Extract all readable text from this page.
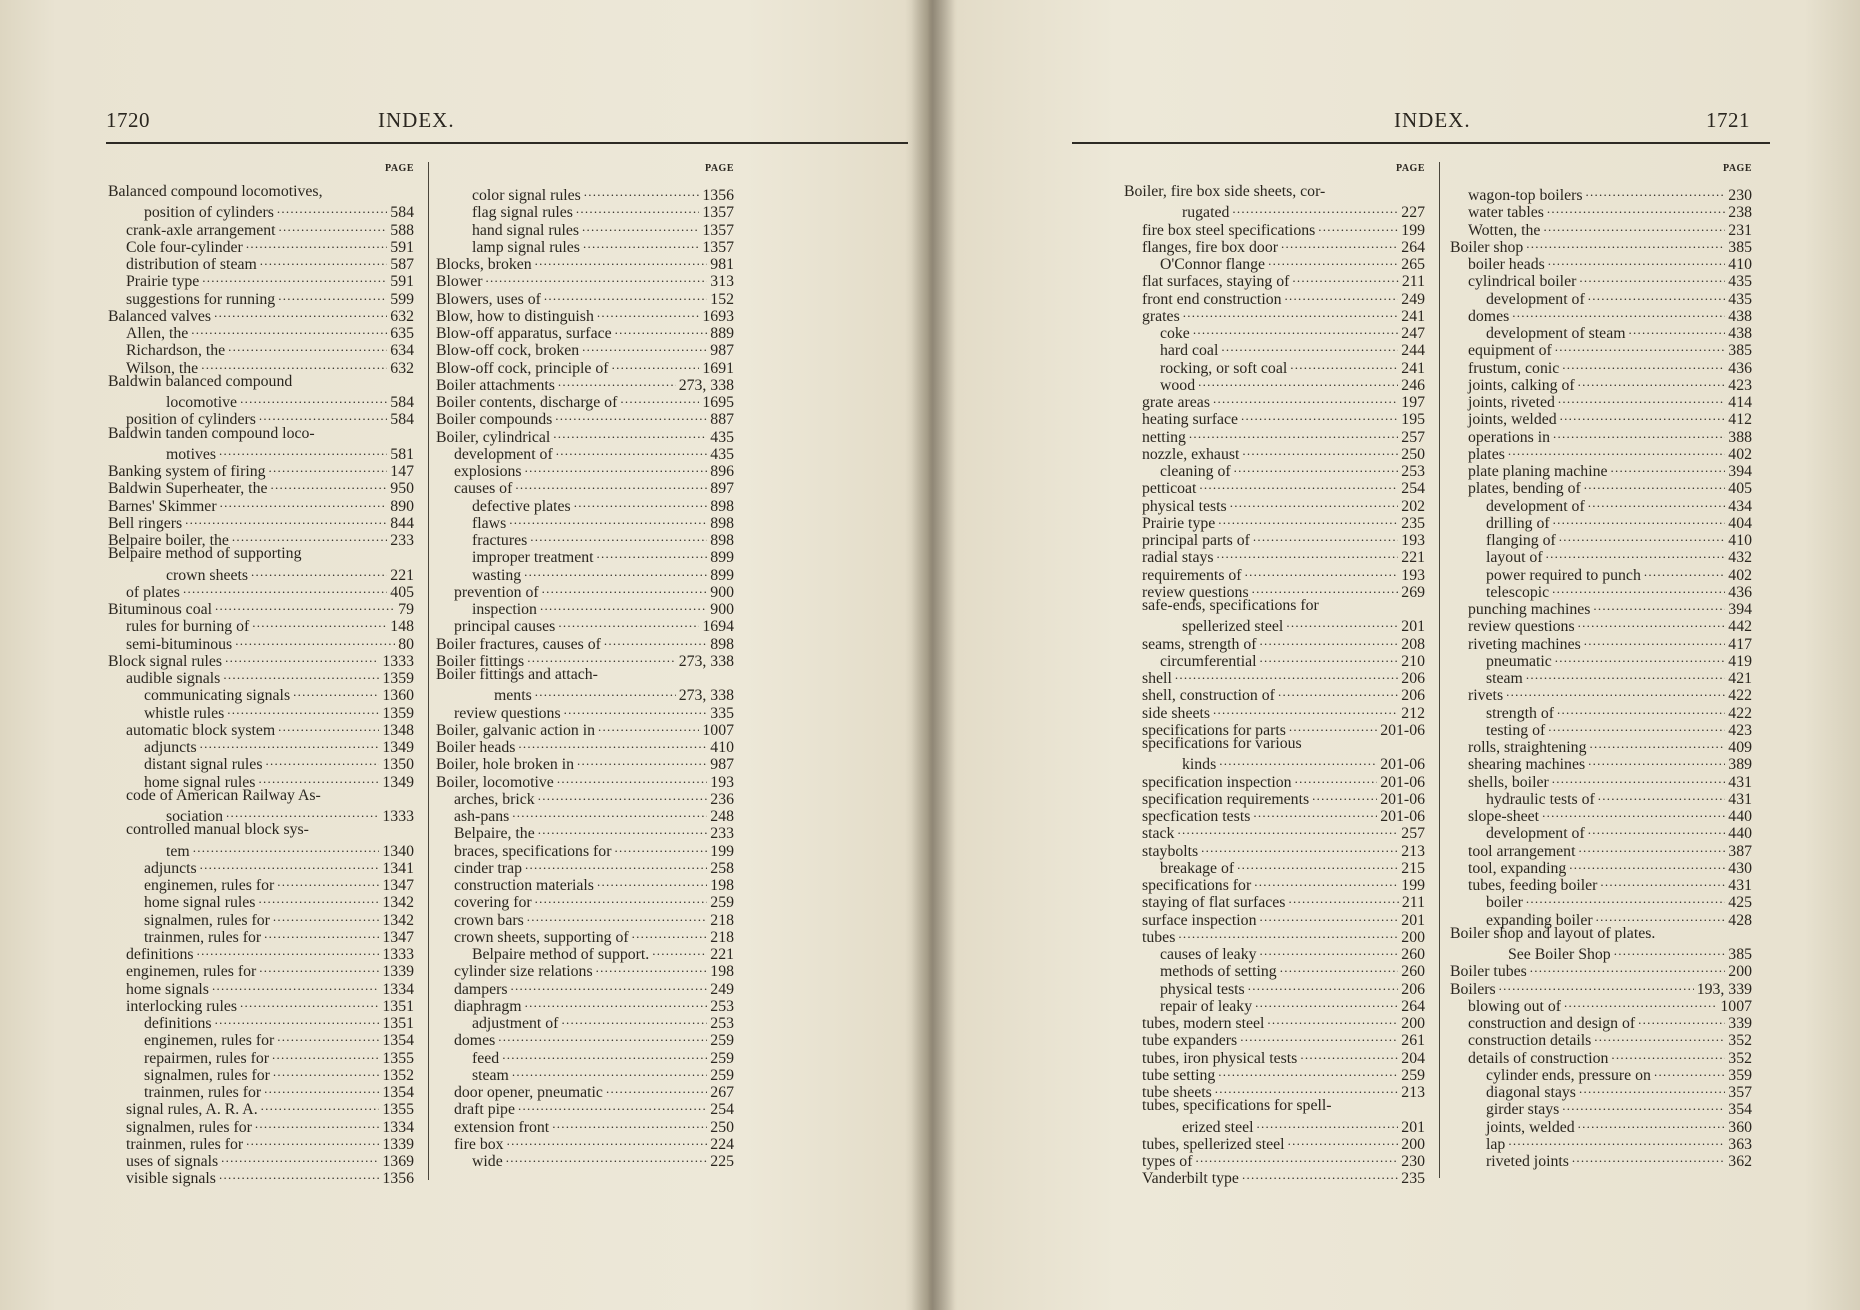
1720	INDEX.
PAGE
Balanced compound locomotives,
position of cylinders . . .	584
crank-axle arrangement . . .	588
Cole four-cylinder . . .	591
distribution of steam . . .	587
Prairie type . . .	591
suggestions for running . . .	599
Balanced valves . . .	632
Allen, the . . .	635
Richardson, the . . .	634
Wilson, the . . .	632
Baldwin balanced compound
locomotive . . .	584
position of cylinders . . .	584
Baldwin tanden compound loco-
motives . . .	581
Banking system of firing . . .	147
Baldwin Superheater, the . . .	950
Barnes' Skimmer . . .	890
Bell ringers . . .	844
Belpaire boiler, the . . .	233
Belpaire method of supporting
crown sheets . . .	221
of plates . . .	405
Bituminous coal . . .	79
rules for burning of . . .	148
semi-bituminous . . .	80
Block signal rules . . .	1333
audible signals . . .	1359
communicating signals . . .	1360
whistle rules . . .	1359
automatic block system . . .	1348
adjuncts . . .	1349
distant signal rules . . .	1350
home signal rules . . .	1349
code of American Railway As-
sociation . . .	1333
controlled manual block sys-
tem . . .	1340
adjuncts . . .	1341
enginemen, rules for . . .	1347
home signal rules . . .	1342
signalmen, rules for . . .	1342
trainmen, rules for . . .	1347
definitions . . .	1333
enginemen, rules for . . .	1339
home signals . . .	1334
interlocking rules . . .	1351
definitions . . .	1351
enginemen, rules for . . .	1354
repairmen, rules for . . .	1355
signalmen, rules for . . .	1352
trainmen, rules for . . .	1354
signal rules, A. R. A. . . .	1355
signalmen, rules for . . .	1334
trainmen, rules for . . .	1339
uses of signals . . .	1369
visible signals . . .	1356
PAGE
color signal rules . . .	1356
flag signal rules . . .	1357
hand signal rules . . .	1357
lamp signal rules . . .	1357
Blocks, broken . . .	981
Blower . . .	313
Blowers, uses of . . .	152
Blow, how to distinguish . . .	1693
Blow-off apparatus, surface . . .	889
Blow-off cock, broken . . .	987
Blow-off cock, principle of . . .	1691
Boiler attachments . . .	273, 338
Boiler contents, discharge of . . .	1695
Boiler compounds . . .	887
Boiler, cylindrical . . .	435
development of . . .	435
explosions . . .	896
causes of . . .	897
defective plates . . .	898
flaws . . .	898
fractures . . .	898
improper treatment . . .	899
wasting . . .	899
prevention of . . .	900
inspection . . .	900
principal causes . . .	1694
Boiler fractures, causes of . . .	898
Boiler fittings . . .	273, 338
Boiler fittings and attach-
ments . . .	273, 338
review questions . . .	335
Boiler, galvanic action in . . .	1007
Boiler heads . . .	410
Boiler, hole broken in . . .	987
Boiler, locomotive . . .	193
arches, brick . . .	236
ash-pans . . .	248
Belpaire, the . . .	233
braces, specifications for . . .	199
cinder trap . . .	258
construction materials . . .	198
covering for . . .	259
crown bars . . .	218
crown sheets, supporting of . . .	218
Belpaire method of support. . . .	221
cylinder size relations . . .	198
dampers . . .	249
diaphragm . . .	253
adjustment of . . .	253
domes . . .	259
feed . . .	259
steam . . .	259
door opener, pneumatic . . .	267
draft pipe . . .	254
extension front . . .	250
fire box . . .	224
wide . . .	225
INDEX.	1721
PAGE
Boiler, fire box side sheets, cor-
rugated . . .	227
fire box steel specifications . . .	199
flanges, fire box door . . .	264
O'Connor flange . . .	265
flat surfaces, staying of . . .	211
front end construction . . .	249
grates . . .	241
coke . . .	247
hard coal . . .	244
rocking, or soft coal . . .	241
wood . . .	246
grate areas . . .	197
heating surface . . .	195
netting . . .	257
nozzle, exhaust . . .	250
cleaning of . . .	253
petticoat . . .	254
physical tests . . .	202
Prairie type . . .	235
principal parts of . . .	193
radial stays . . .	221
requirements of . . .	193
review questions . . .	269
safe-ends, specifications for
spellerized steel . . .	201
seams, strength of . . .	208
circumferential . . .	210
shell . . .	206
shell, construction of . . .	206
side sheets . . .	212
specifications for parts . . .	201-06
specifications for various
kinds . . .	201-06
specification inspection . . .	201-06
specification requirements . . .	201-06
specfication tests . . .	201-06
stack . . .	257
staybolts . . .	213
breakage of . . .	215
specifications for . . .	199
staying of flat surfaces . . .	211
surface inspection . . .	201
tubes . . .	200
causes of leaky . . .	260
methods of setting . . .	260
physical tests . . .	206
repair of leaky . . .	264
tubes, modern steel . . .	200
tube expanders . . .	261
tubes, iron physical tests . . .	204
tube setting . . .	259
tube sheets . . .	213
tubes, specifications for spell-
erized steel . . .	201
tubes, spellerized steel . . .	200
types of . . .	230
Vanderbilt type . . .	235
PAGE
wagon-top boilers . . .	230
water tables . . .	238
Wotten, the . . .	231
Boiler shop . . .	385
boiler heads . . .	410
cylindrical boiler . . .	435
development of . . .	435
domes . . .	438
development of steam . . .	438
equipment of . . .	385
frustum, conic . . .	436
joints, calking of . . .	423
joints, riveted . . .	414
joints, welded . . .	412
operations in . . .	388
plates . . .	402
plate planing machine . . .	394
plates, bending of . . .	405
development of . . .	434
drilling of . . .	404
flanging of . . .	410
layout of . . .	432
power required to punch . . .	402
telescopic . . .	436
punching machines . . .	394
review questions . . .	442
riveting machines . . .	417
pneumatic . . .	419
steam . . .	421
rivets . . .	422
strength of . . .	422
testing of . . .	423
rolls, straightening . . .	409
shearing machines . . .	389
shells, boiler . . .	431
hydraulic tests of . . .	431
slope-sheet . . .	440
development of . . .	440
tool arrangement . . .	387
tool, expanding . . .	430
tubes, feeding boiler . . .	431
boiler . . .	425
expanding boiler . . .	428
Boiler shop and layout of plates.
See Boiler Shop . . .	385
Boiler tubes . . .	200
Boilers . . .	193, 339
blowing out of . . .	1007
construction and design of . . .	339
construction details . . .	352
details of construction . . .	352
cylinder ends, pressure on . . .	359
diagonal stays . . .	357
girder stays . . .	354
joints, welded . . .	360
lap . . .	363
riveted joints . . .	362
